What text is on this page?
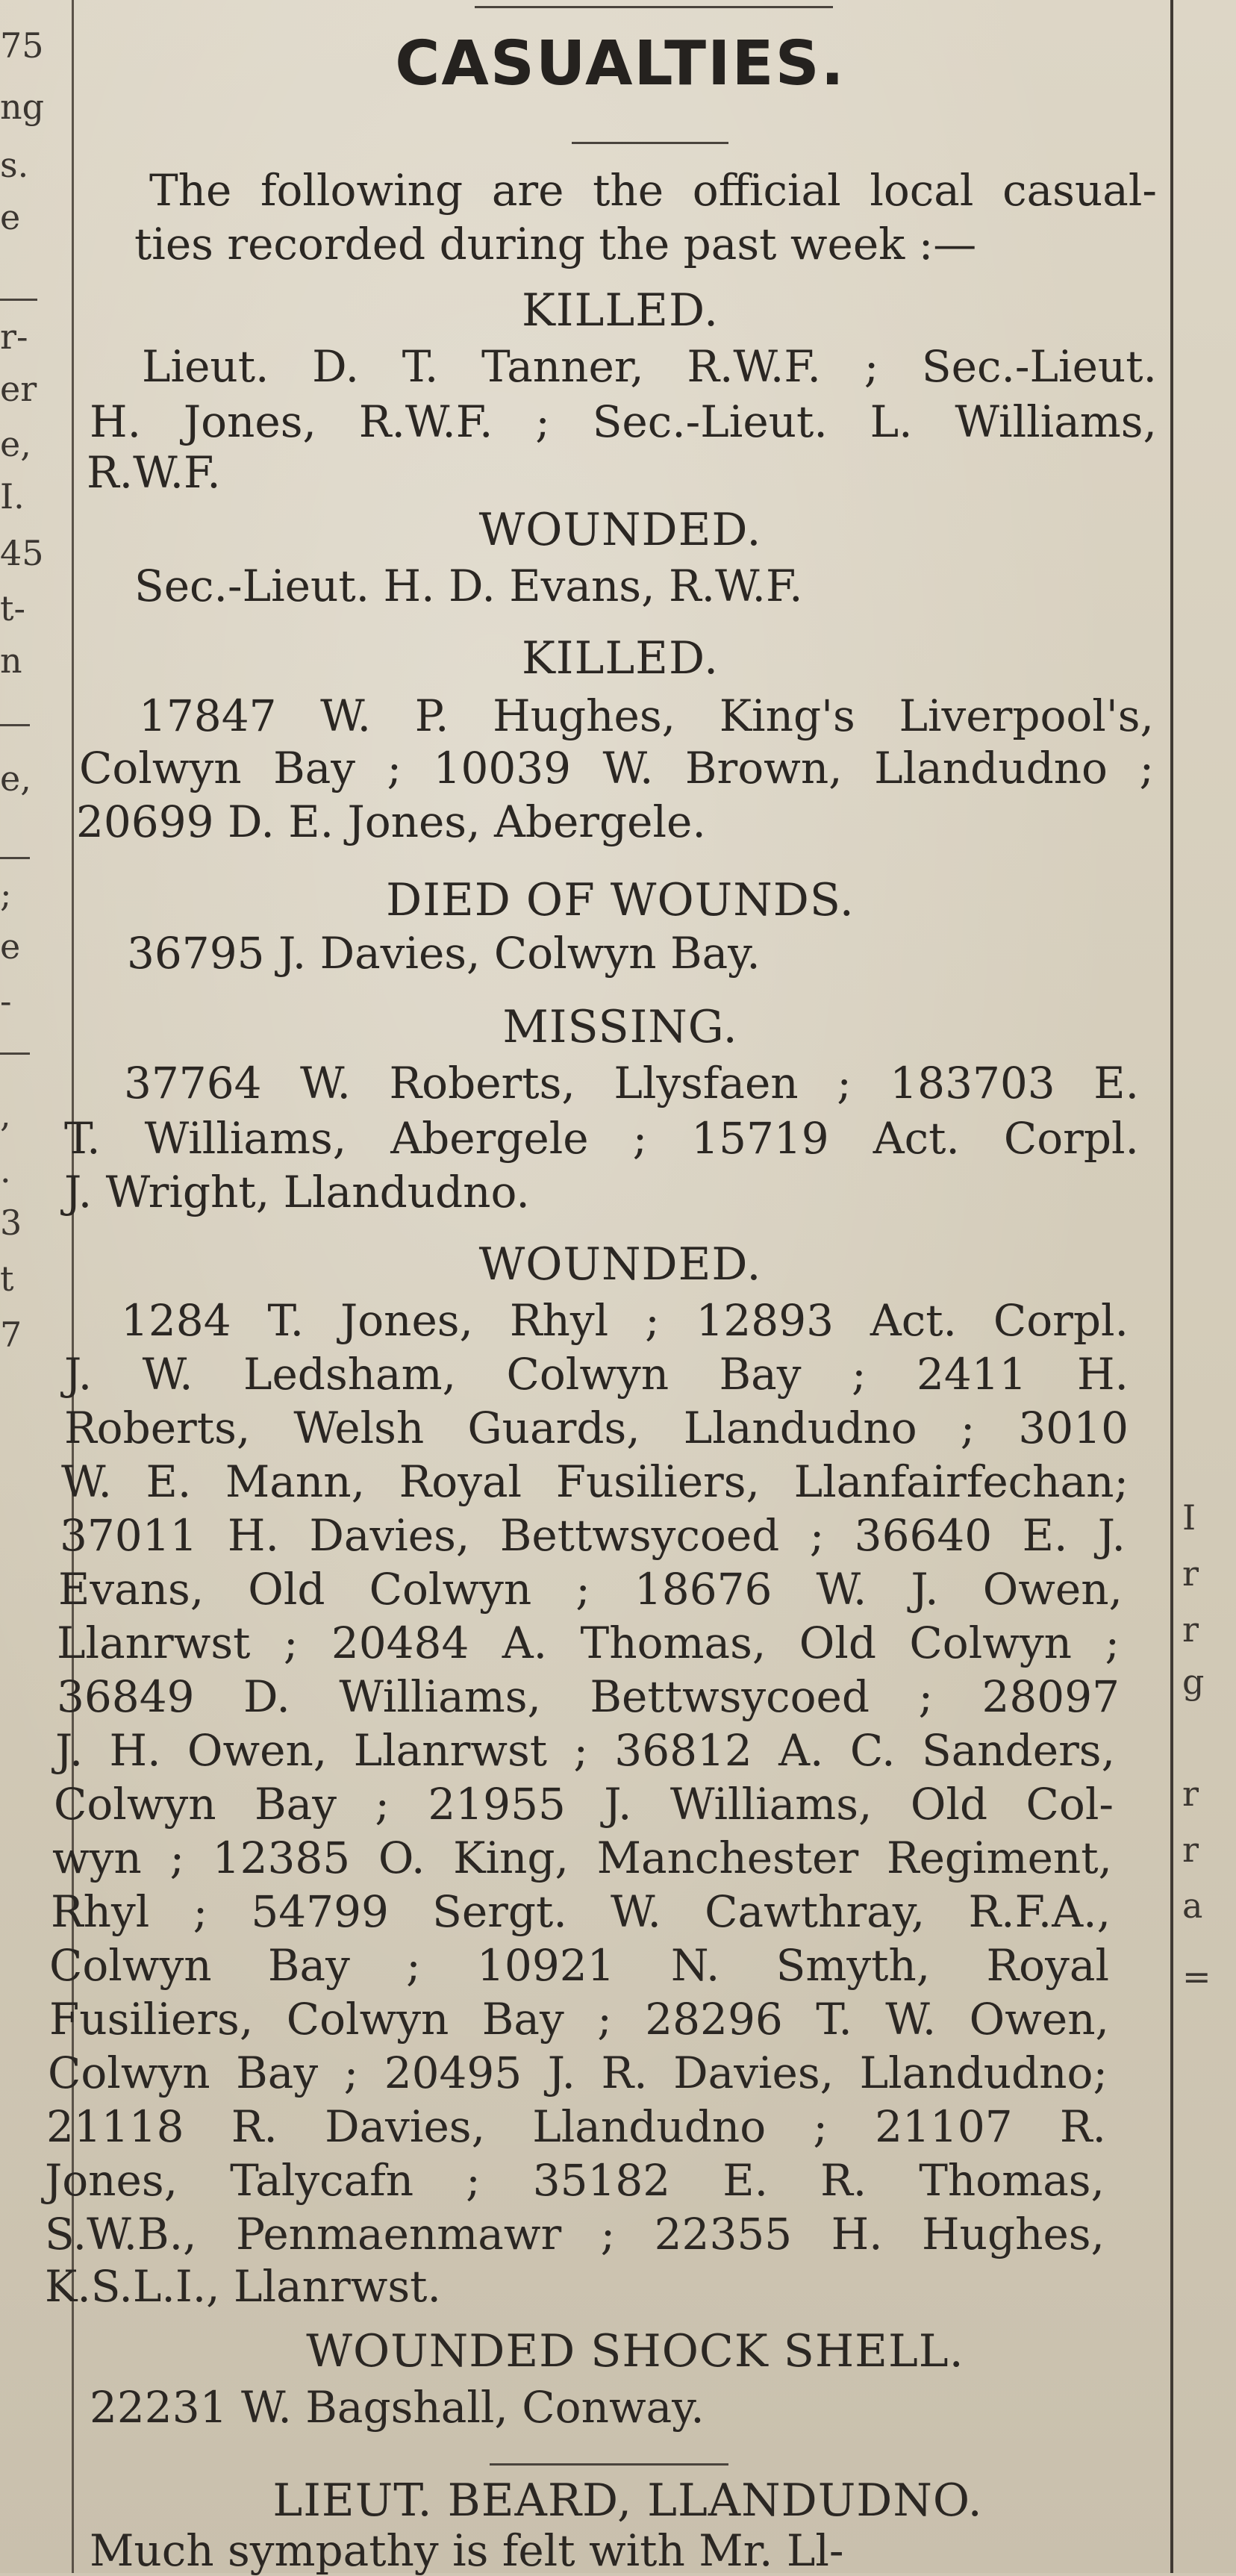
75
ng
s.
e
r-
er
e,
I.
45
t-
n
e,
;
e
-
,
.
3
t
7
I
r
r
g
r
r
a
=
CASUALTIES.
The following are the official local casual-
ties recorded during the past week :—
KILLED.
Lieut. D. T. Tanner, R.W.F. ; Sec.-Lieut.
H. Jones, R.W.F. ; Sec.-Lieut. L. Williams,
R.W.F.
WOUNDED.
Sec.-Lieut. H. D. Evans, R.W.F.
KILLED.
17847 W. P. Hughes, King's Liverpool's,
Colwyn Bay ; 10039 W. Brown, Llandudno ;
20699 D. E. Jones, Abergele.
DIED OF WOUNDS.
36795 J. Davies, Colwyn Bay.
MISSING.
37764 W. Roberts, Llysfaen ; 183703 E.
T. Williams, Abergele ; 15719 Act. Corpl.
J. Wright, Llandudno.
WOUNDED.
1284 T. Jones, Rhyl ; 12893 Act. Corpl.
J. W. Ledsham, Colwyn Bay ; 2411 H.
Roberts, Welsh Guards, Llandudno ; 3010
W. E. Mann, Royal Fusiliers, Llanfairfechan;
37011 H. Davies, Bettwsycoed ; 36640 E. J.
Evans, Old Colwyn ; 18676 W. J. Owen,
Llanrwst ; 20484 A. Thomas, Old Colwyn ;
36849 D. Williams, Bettwsycoed ; 28097
J. H. Owen, Llanrwst ; 36812 A. C. Sanders,
Colwyn Bay ; 21955 J. Williams, Old Col-
wyn ; 12385 O. King, Manchester Regiment,
Rhyl ; 54799 Sergt. W. Cawthray, R.F.A.,
Colwyn Bay ; 10921 N. Smyth, Royal
Fusiliers, Colwyn Bay ; 28296 T. W. Owen,
Colwyn Bay ; 20495 J. R. Davies, Llandudno;
21118 R. Davies, Llandudno ; 21107 R.
Jones, Talycafn ; 35182 E. R. Thomas,
S.W.B., Penmaenmawr ; 22355 H. Hughes,
K.S.L.I., Llanrwst.
WOUNDED SHOCK SHELL.
22231 W. Bagshall, Conway.
LIEUT. BEARD, LLANDUDNO.
Much sympathy is felt with Mr. Ll-
